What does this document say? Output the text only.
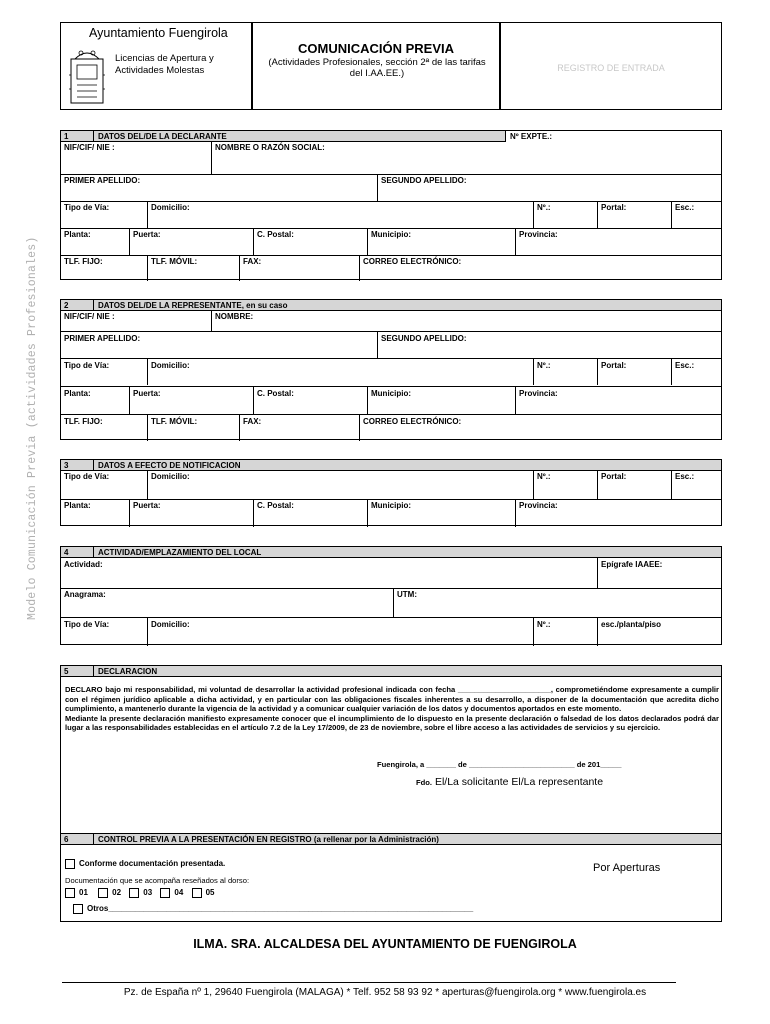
Ayuntamiento Fuengirola
Licencias de Apertura y
Actividades Molestas
COMUNICACIÓN PREVIA
(Actividades Profesionales, sección 2ª de las tarifas del I.AA.EE.)	REGISTRO DE ENTRADA
Modelo Comunicación Previa (actividades Profesionales)
1	DATOS DEL/DE LA DECLARANTE	Nº EXPTE.:
NIF/CIF/ NIE :	NOMBRE O RAZÓN SOCIAL:
PRIMER APELLIDO:	SEGUNDO APELLIDO:
Tipo de Vía:	Domicilio:	Nº.:	Portal:	Esc.:
Planta:	Puerta:	C. Postal:	Municipio:	Provincia:
TLF. FIJO:	TLF. MÓVIL:	FAX:	CORREO ELECTRÓNICO:
2	DATOS DEL/DE LA REPRESENTANTE, en su caso
NIF/CIF/ NIE :	NOMBRE:
PRIMER APELLIDO:	SEGUNDO APELLIDO:
Tipo de Vía:	Domicilio:	Nº.:	Portal:	Esc.:
Planta:	Puerta:	C. Postal:	Municipio:	Provincia:
TLF. FIJO:	TLF. MÓVIL:	FAX:	CORREO ELECTRÓNICO:
3	DATOS A EFECTO DE NOTIFICACION
Tipo de Vía:	Domicilio:	Nº.:	Portal:	Esc.:
Planta:	Puerta:	C. Postal:	Municipio:	Provincia:
4	ACTIVIDAD/EMPLAZAMIENTO DEL LOCAL
Actividad:	Epígrafe IAAEE:
Anagrama:	UTM:
Tipo de Vía:	Domicilio:	Nº.:	esc./planta/piso
5	DECLARACION
DECLARO bajo mi responsabilidad, mi voluntad de desarrollar la actividad profesional indicada con fecha ______________________, comprometiéndome expresamente a cumplir con el régimen jurídico aplicable a dicha actividad, y en particular con las obligaciones fiscales inherentes a su desarrollo, a disponer de la documentación que acredita dicho cumplimiento, a mantenerlo durante la vigencia de la actividad y a comunicar cualquier variación de los datos y documentos aportados en este momento.
Mediante la presente declaración manifiesto expresamente conocer que el incumplimiento de lo dispuesto en la presente declaración o falsedad de los datos declarados podrá dar lugar a las responsabilidades establecidas en el artículo 7.2 de la Ley 17/2009, de 23 de noviembre, sobre el libre acceso a las actividades de servicios y su ejercicio.
Fuengirola, a _______ de _________________________ de 201_____
Fdo. El/La solicitante El/La representante
6	CONTROL PREVIA A LA PRESENTACIÓN EN REGISTRO (a rellenar por la Administración)
Conforme documentación presentada.	Por Aperturas
Documentación que se acompaña reseñados al dorso:
01	02	03	04	05
Otros__________________________________________________________________________________
ILMA. SRA. ALCALDESA DEL AYUNTAMIENTO DE FUENGIROLA
Pz. de España nº 1, 29640 Fuengirola (MALAGA) * Telf. 952 58 93 92 * aperturas@fuengirola.org * www.fuengirola.es
